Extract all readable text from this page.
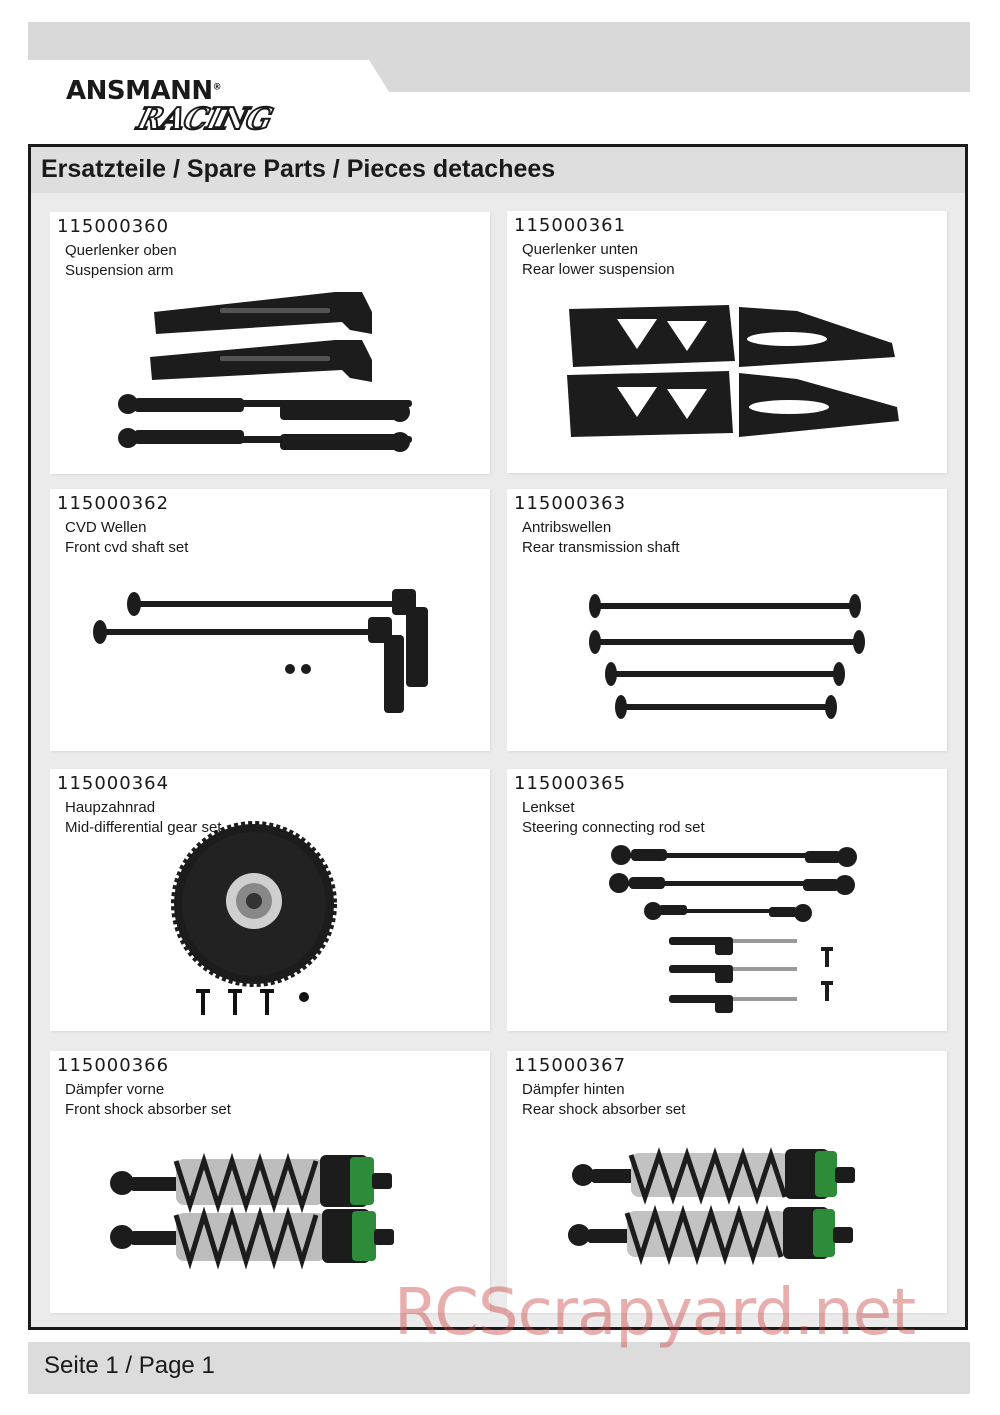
ANSMANN®
RACING
Ersatzteile / Spare Parts / Pieces detachees
115000360
Querlenker oben
Suspension arm
115000361
Querlenker unten
Rear lower suspension
115000362
CVD Wellen
Front cvd shaft set
115000363
Antribswellen
Rear transmission shaft
115000364
Haupzahnrad
Mid-differential gear set
115000365
Lenkset
Steering connecting rod set
115000366
Dämpfer vorne
Front shock absorber set
115000367
Dämpfer hinten
Rear shock absorber set
Seite 1 / Page 1
RCScrapyard.net
